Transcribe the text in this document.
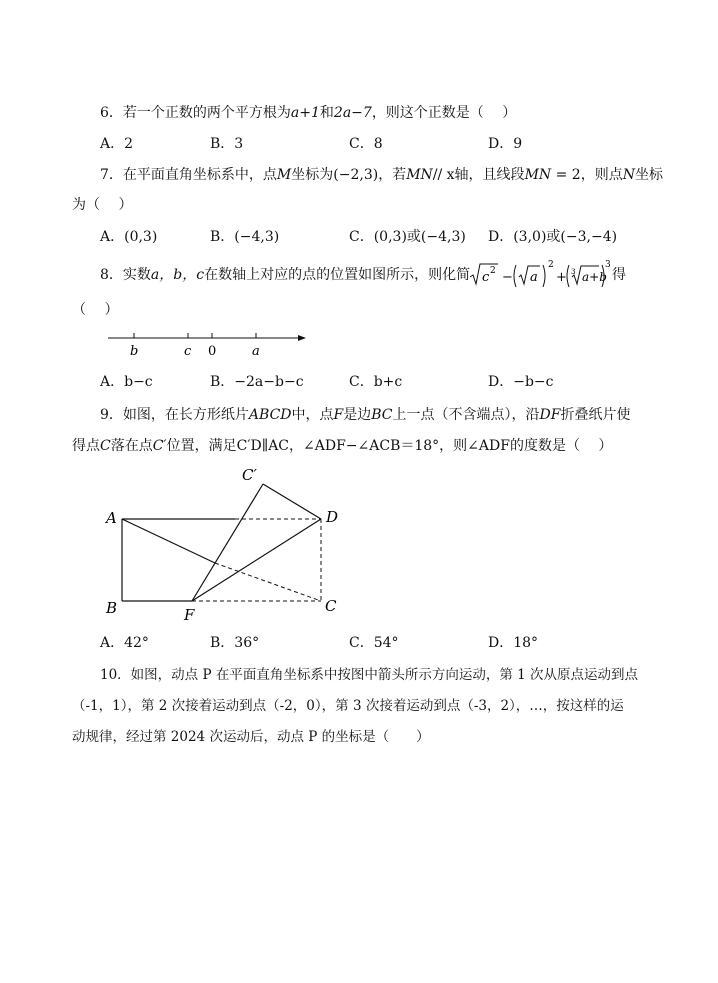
6．若一个正数的两个平方根为a+1和2a−7，则这个正数是（　 ）
A．2	B．3	C．8	D．9
7．在平面直角坐标系中，点M坐标为(−2,3)，若MN// x轴，且线段MN = 2，则点N坐标
为（　 ）
A．(0,3)	B．(−4,3)	C．(0,3)或(−4,3) D．(3,0)或(−3,−4)
8．实数a，b，c在数轴上对应的点的位置如图所示，则化简 c 2 − a
2
+ 3 a+b
3
得
（　 ）
b	c 0	a
A．b−c	B．−2a−b−c	C．b+c	D．−b−c
9．如图，在长方形纸片ABCD中，点F是边BC上一点（不含端点），沿DF折叠纸片使
得点C落在点C′位置，满足C′D∥AC，∠ADF−∠ACB＝18°，则∠ADF的度数是（　 ）
A
B	C
D
F
C′
A．42°	B．36°	C．54°	D．18°
10．如图，动点 P 在平面直角坐标系中按图中箭头所示方向运动，第 1 次从原点运动到点
（-1，1），第 2 次接着运动到点（-2，0），第 3 次接着运动到点（-3，2），…，按这样的运
动规律，经过第 2024 次运动后，动点 P 的坐标是（　　）
